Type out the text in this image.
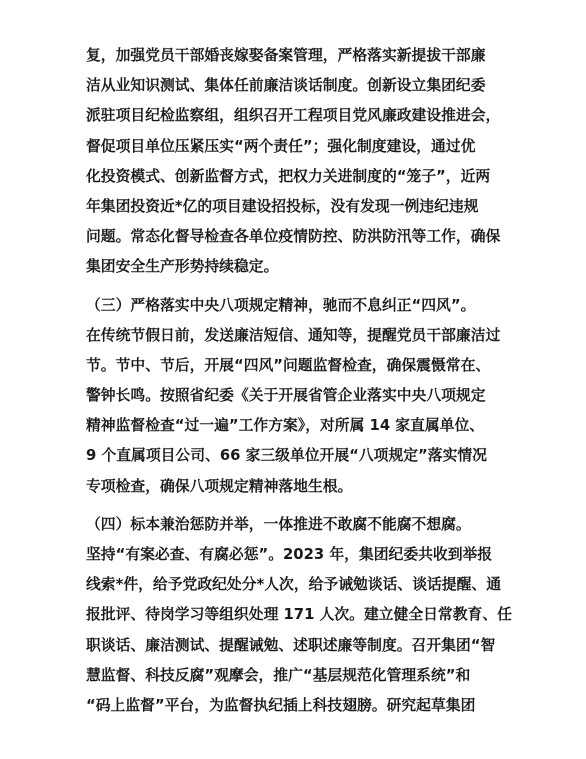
复，加强党员干部婚丧嫁娶备案管理，严格落实新提拔干部廉
洁从业知识测试、集体任前廉洁谈话制度。创新设立集团纪委
派驻项目纪检监察组，组织召开工程项目党风廉政建设推进会，
督促项目单位压紧压实“两个责任”；强化制度建设，通过优
化投资模式、创新监督方式，把权力关进制度的“笼子”，近两
年集团投资近*亿的项目建设招投标，没有发现一例违纪违规
问题。常态化督导检查各单位疫情防控、防洪防汛等工作，确保
集团安全生产形势持续稳定。
（三）严格落实中央八项规定精神，驰而不息纠正“四风”。
在传统节假日前，发送廉洁短信、通知等，提醒党员干部廉洁过
节。节中、节后，开展“四风”问题监督检查，确保震慑常在、
警钟长鸣。按照省纪委《关于开展省管企业落实中央八项规定
精神监督检查“过一遍”工作方案》，对所属 14 家直属单位、
9 个直属项目公司、66 家三级单位开展“八项规定”落实情况
专项检查，确保八项规定精神落地生根。
（四）标本兼治惩防并举，一体推进不敢腐不能腐不想腐。
坚持“有案必查、有腐必惩”。2023 年，集团纪委共收到举报
线索*件，给予党政纪处分*人次，给予诫勉谈话、谈话提醒、通
报批评、待岗学习等组织处理 171 人次。建立健全日常教育、任
职谈话、廉洁测试、提醒诫勉、述职述廉等制度。召开集团“智
慧监督、科技反腐”观摩会，推广“基层规范化管理系统”和
“码上监督”平台，为监督执纪插上科技翅膀。研究起草集团
